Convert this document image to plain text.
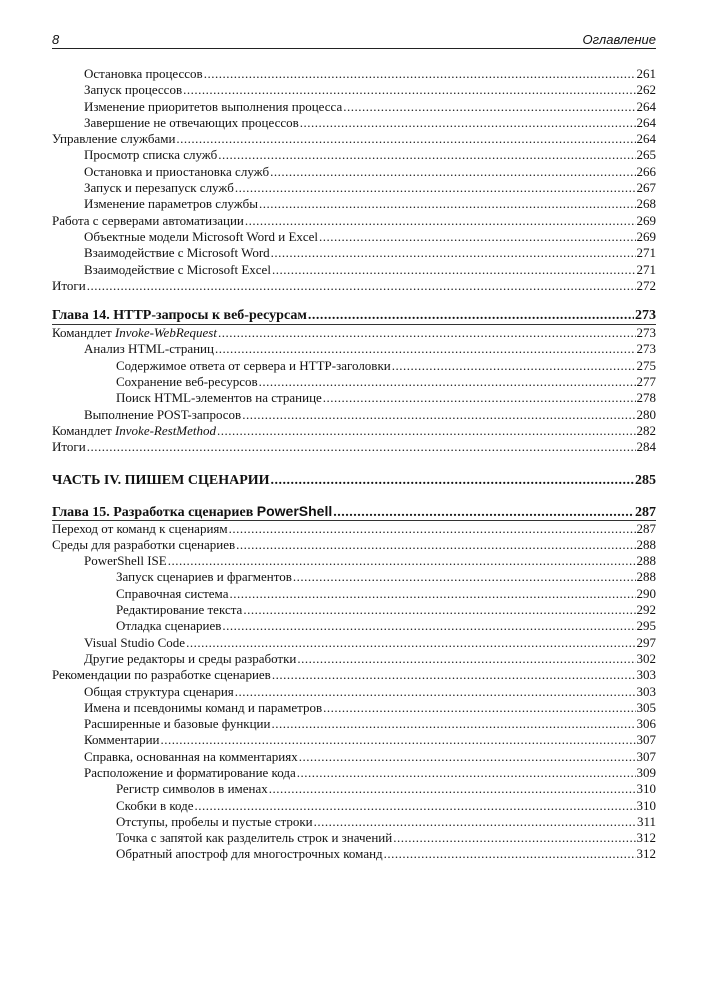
8	Оглавление
Остановка процессов .....	261
Запуск процессов .....	262
Изменение приоритетов выполнения процесса .....	264
Завершение не отвечающих процессов .....	264
Управление службами .....	264
Просмотр списка служб .....	265
Остановка и приостановка служб .....	266
Запуск и перезапуск служб .....	267
Изменение параметров службы .....	268
Работа с серверами автоматизации .....	269
Объектные модели Microsoft Word и Excel .....	269
Взаимодействие с Microsoft Word .....	271
Взаимодействие с Microsoft Excel .....	271
Итоги .....	272
Глава 14. HTTP-запросы к веб-ресурсам .....	273
Командлет Invoke-WebRequest .....	273
Анализ HTML-страниц .....	273
Содержимое ответа от сервера и HTTP-заголовки .....	275
Сохранение веб-ресурсов .....	277
Поиск HTML-элементов на странице .....	278
Выполнение POST-запросов .....	280
Командлет Invoke-RestMethod .....	282
Итоги .....	284
ЧАСТЬ IV. ПИШЕМ СЦЕНАРИИ .....	285
Глава 15. Разработка сценариев PowerShell .....	287
Переход от команд к сценариям .....	287
Среды для разработки сценариев .....	288
PowerShell ISE .....	288
Запуск сценариев и фрагментов .....	288
Справочная система .....	290
Редактирование текста .....	292
Отладка сценариев .....	295
Visual Studio Code .....	297
Другие редакторы и среды разработки .....	302
Рекомендации по разработке сценариев .....	303
Общая структура сценария .....	303
Имена и псевдонимы команд и параметров .....	305
Расширенные и базовые функции .....	306
Комментарии .....	307
Справка, основанная на комментариях .....	307
Расположение и форматирование кода .....	309
Регистр символов в именах .....	310
Скобки в коде .....	310
Отступы, пробелы и пустые строки .....	311
Точка с запятой как разделитель строк и значений .....	312
Обратный апостроф для многострочных команд .....	312
